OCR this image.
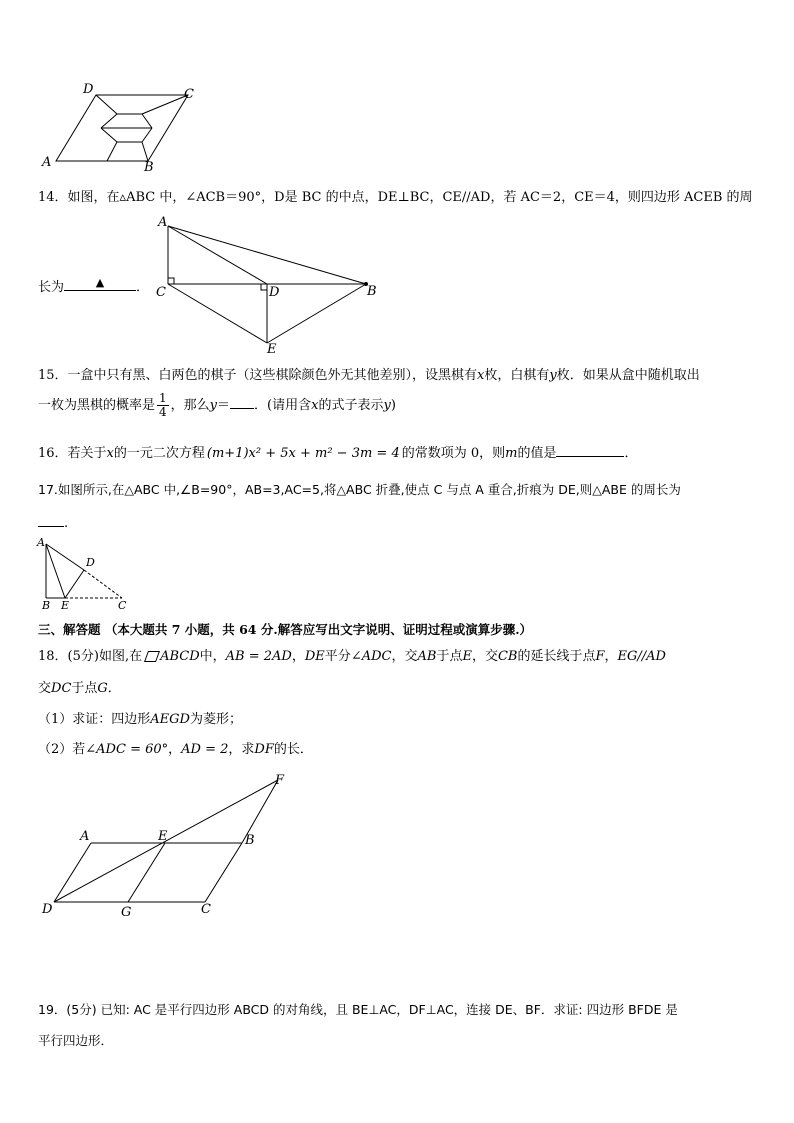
D	C
A	B
14．如图，在▵ABC 中，∠ACB＝90°，D是 BC 的中点，DE⊥BC，CE//AD，若 AC＝2，CE＝4，则四边形 ACEB 的周
A
C	D	B
E
长为	▲	．
15．一盒中只有黑、白两色的棋子（这些棋除颜色外无其他差别），设黑棋有x枚，白棋有y枚．如果从盒中随机取出
一枚为黑棋的概率是 $\frac{1}{4}$ ，那么y＝ ．(请用含x的式子表示y)
16．若关于x的一元二次方程 (m+1)x² + 5x + m² − 3m = 4 的常数项为 0，则m的值是	．
17.如图所示,在△ABC 中,∠B=90°，AB=3,AC=5,将△ABC 折叠,使点 C 与点 A 重合,折痕为 DE,则△ABE 的周长为
.
A
D
B E	C
三、解答题 （本大题共 7 小题，共 64 分.解答应写出文字说明、证明过程或演算步骤.）
18．(5分)如图,在 ABCD中，AB = 2AD，DE平分∠ADC，交AB于点E，交CB的延长线于点F，EG//AD
交DC于点G．
（1）求证：四边形AEGD为菱形；
（2）若∠ADC = 60°，AD = 2，求DF的长．
F
A	E	B
D	G	C
19．(5分) 已知: AC 是平行四边形 ABCD 的对角线，且 BE⊥AC，DF⊥AC，连接 DE、BF．求证: 四边形 BFDE 是
平行四边形．
